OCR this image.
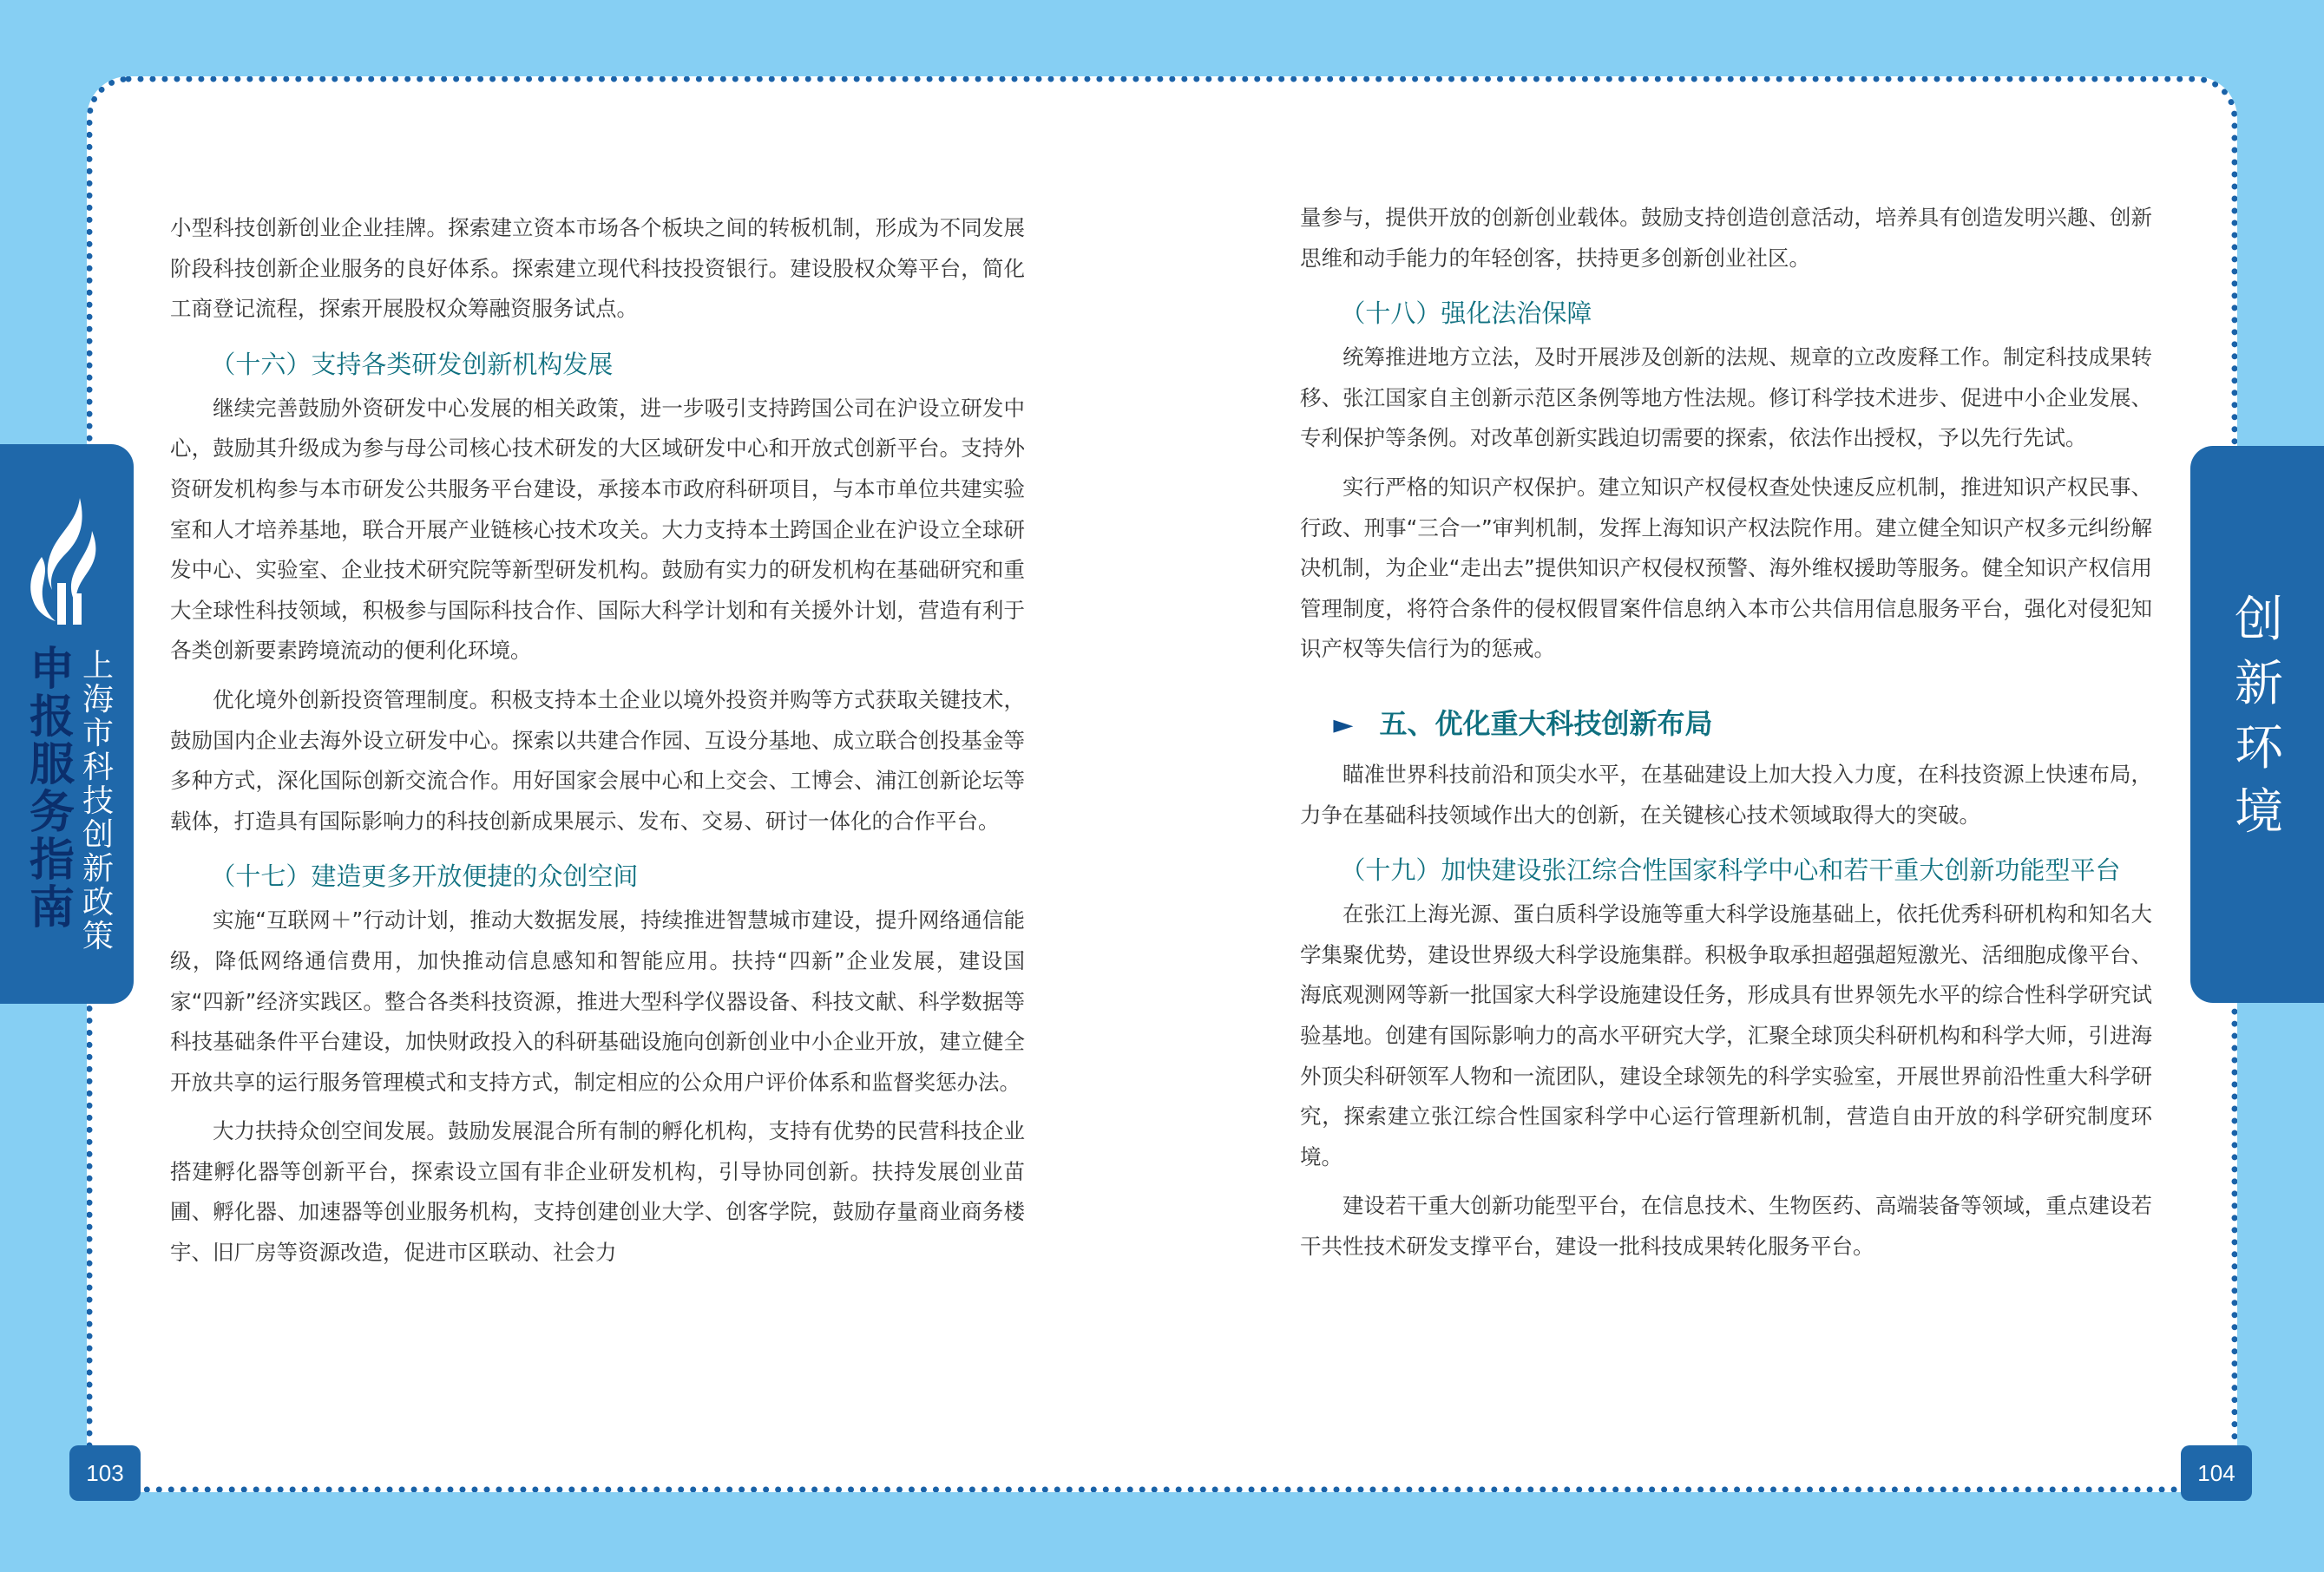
申报服务指南
上海市科技创新政策
创新环境

小型科技创新创业企业挂牌。探索建立资本市场各个板块之间的转板机制，形成为不同发展阶段科技创新企业服务的良好体系。探索建立现代科技投资银行。建设股权众筹平台，简化工商登记流程，探索开展股权众筹融资服务试点。

（十六）支持各类研发创新机构发展

继续完善鼓励外资研发中心发展的相关政策，进一步吸引支持跨国公司在沪设立研发中心，鼓励其升级成为参与母公司核心技术研发的大区域研发中心和开放式创新平台。支持外资研发机构参与本市研发公共服务平台建设，承接本市政府科研项目，与本市单位共建实验室和人才培养基地，联合开展产业链核心技术攻关。大力支持本土跨国企业在沪设立全球研发中心、实验室、企业技术研究院等新型研发机构。鼓励有实力的研发机构在基础研究和重大全球性科技领域，积极参与国际科技合作、国际大科学计划和有关援外计划，营造有利于各类创新要素跨境流动的便利化环境。

优化境外创新投资管理制度。积极支持本土企业以境外投资并购等方式获取关键技术，鼓励国内企业去海外设立研发中心。探索以共建合作园、互设分基地、成立联合创投基金等多种方式，深化国际创新交流合作。用好国家会展中心和上交会、工博会、浦江创新论坛等载体，打造具有国际影响力的科技创新成果展示、发布、交易、研讨一体化的合作平台。

（十七）建造更多开放便捷的众创空间

实施“互联网＋”行动计划，推动大数据发展，持续推进智慧城市建设，提升网络通信能级，降低网络通信费用，加快推动信息感知和智能应用。扶持“四新”企业发展，建设国家“四新”经济实践区。整合各类科技资源，推进大型科学仪器设备、科技文献、科学数据等科技基础条件平台建设，加快财政投入的科研基础设施向创新创业中小企业开放，建立健全开放共享的运行服务管理模式和支持方式，制定相应的公众用户评价体系和监督奖惩办法。

大力扶持众创空间发展。鼓励发展混合所有制的孵化机构，支持有优势的民营科技企业搭建孵化器等创新平台，探索设立国有非企业研发机构，引导协同创新。扶持发展创业苗圃、孵化器、加速器等创业服务机构，支持创建创业大学、创客学院，鼓励存量商业商务楼宇、旧厂房等资源改造，促进市区联动、社会力

量参与，提供开放的创新创业载体。鼓励支持创造创意活动，培养具有创造发明兴趣、创新思维和动手能力的年轻创客，扶持更多创新创业社区。

（十八）强化法治保障

统筹推进地方立法，及时开展涉及创新的法规、规章的立改废释工作。制定科技成果转移、张江国家自主创新示范区条例等地方性法规。修订科学技术进步、促进中小企业发展、专利保护等条例。对改革创新实践迫切需要的探索，依法作出授权，予以先行先试。

实行严格的知识产权保护。建立知识产权侵权查处快速反应机制，推进知识产权民事、行政、刑事“三合一”审判机制，发挥上海知识产权法院作用。建立健全知识产权多元纠纷解决机制，为企业“走出去”提供知识产权侵权预警、海外维权援助等服务。健全知识产权信用管理制度，将符合条件的侵权假冒案件信息纳入本市公共信用信息服务平台，强化对侵犯知识产权等失信行为的惩戒。

► 五、优化重大科技创新布局

瞄准世界科技前沿和顶尖水平，在基础建设上加大投入力度，在科技资源上快速布局，力争在基础科技领域作出大的创新，在关键核心技术领域取得大的突破。

（十九）加快建设张江综合性国家科学中心和若干重大创新功能型平台

在张江上海光源、蛋白质科学设施等重大科学设施基础上，依托优秀科研机构和知名大学集聚优势，建设世界级大科学设施集群。积极争取承担超强超短激光、活细胞成像平台、海底观测网等新一批国家大科学设施建设任务，形成具有世界领先水平的综合性科学研究试验基地。创建有国际影响力的高水平研究大学，汇聚全球顶尖科研机构和科学大师，引进海外顶尖科研领军人物和一流团队，建设全球领先的科学实验室，开展世界前沿性重大科学研究，探索建立张江综合性国家科学中心运行管理新机制，营造自由开放的科学研究制度环境。

建设若干重大创新功能型平台，在信息技术、生物医药、高端装备等领域，重点建设若干共性技术研发支撑平台，建设一批科技成果转化服务平台。

103	104
